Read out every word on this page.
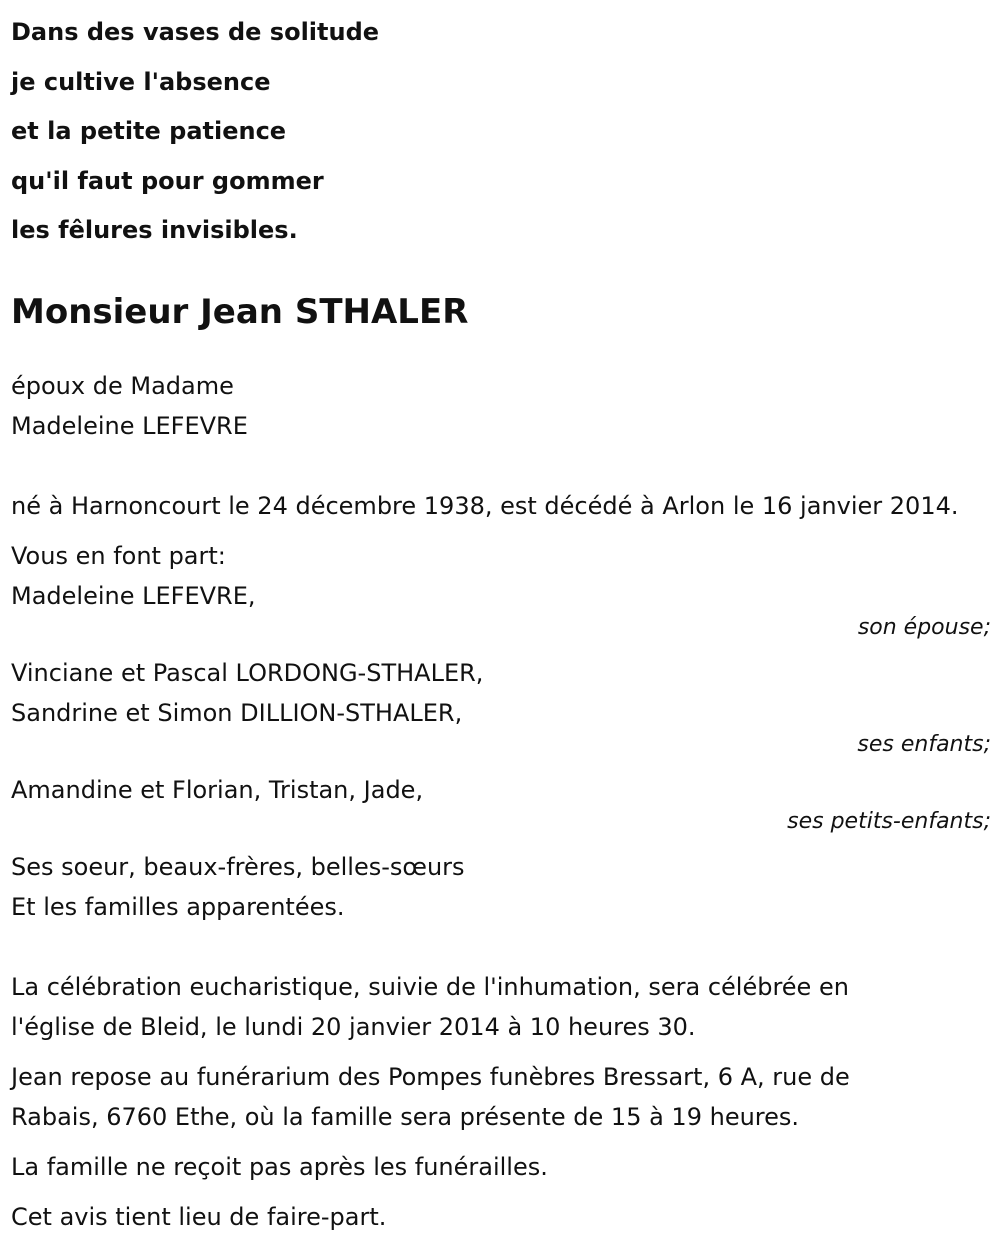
Dans des vases de solitude
je cultive l'absence
et la petite patience
qu'il faut pour gommer
les fêlures invisibles.
Monsieur Jean STHALER
époux de Madame
Madeleine LEFEVRE
né à Harnoncourt le 24 décembre 1938, est décédé à Arlon le 16 janvier 2014.
Vous en font part:
Madeleine LEFEVRE,
son épouse;
Vinciane et Pascal LORDONG-STHALER,
Sandrine et Simon DILLION-STHALER,
ses enfants;
Amandine et Florian, Tristan, Jade,
ses petits-enfants;
Ses soeur, beaux-frères, belles-sœurs
Et les familles apparentées.
La célébration eucharistique, suivie de l'inhumation, sera célébrée en
l'église de Bleid, le lundi 20 janvier 2014 à 10 heures 30.
Jean repose au funérarium des Pompes funèbres Bressart, 6 A, rue de
Rabais, 6760 Ethe, où la famille sera présente de 15 à 19 heures.
La famille ne reçoit pas après les funérailles.
Cet avis tient lieu de faire-part.
